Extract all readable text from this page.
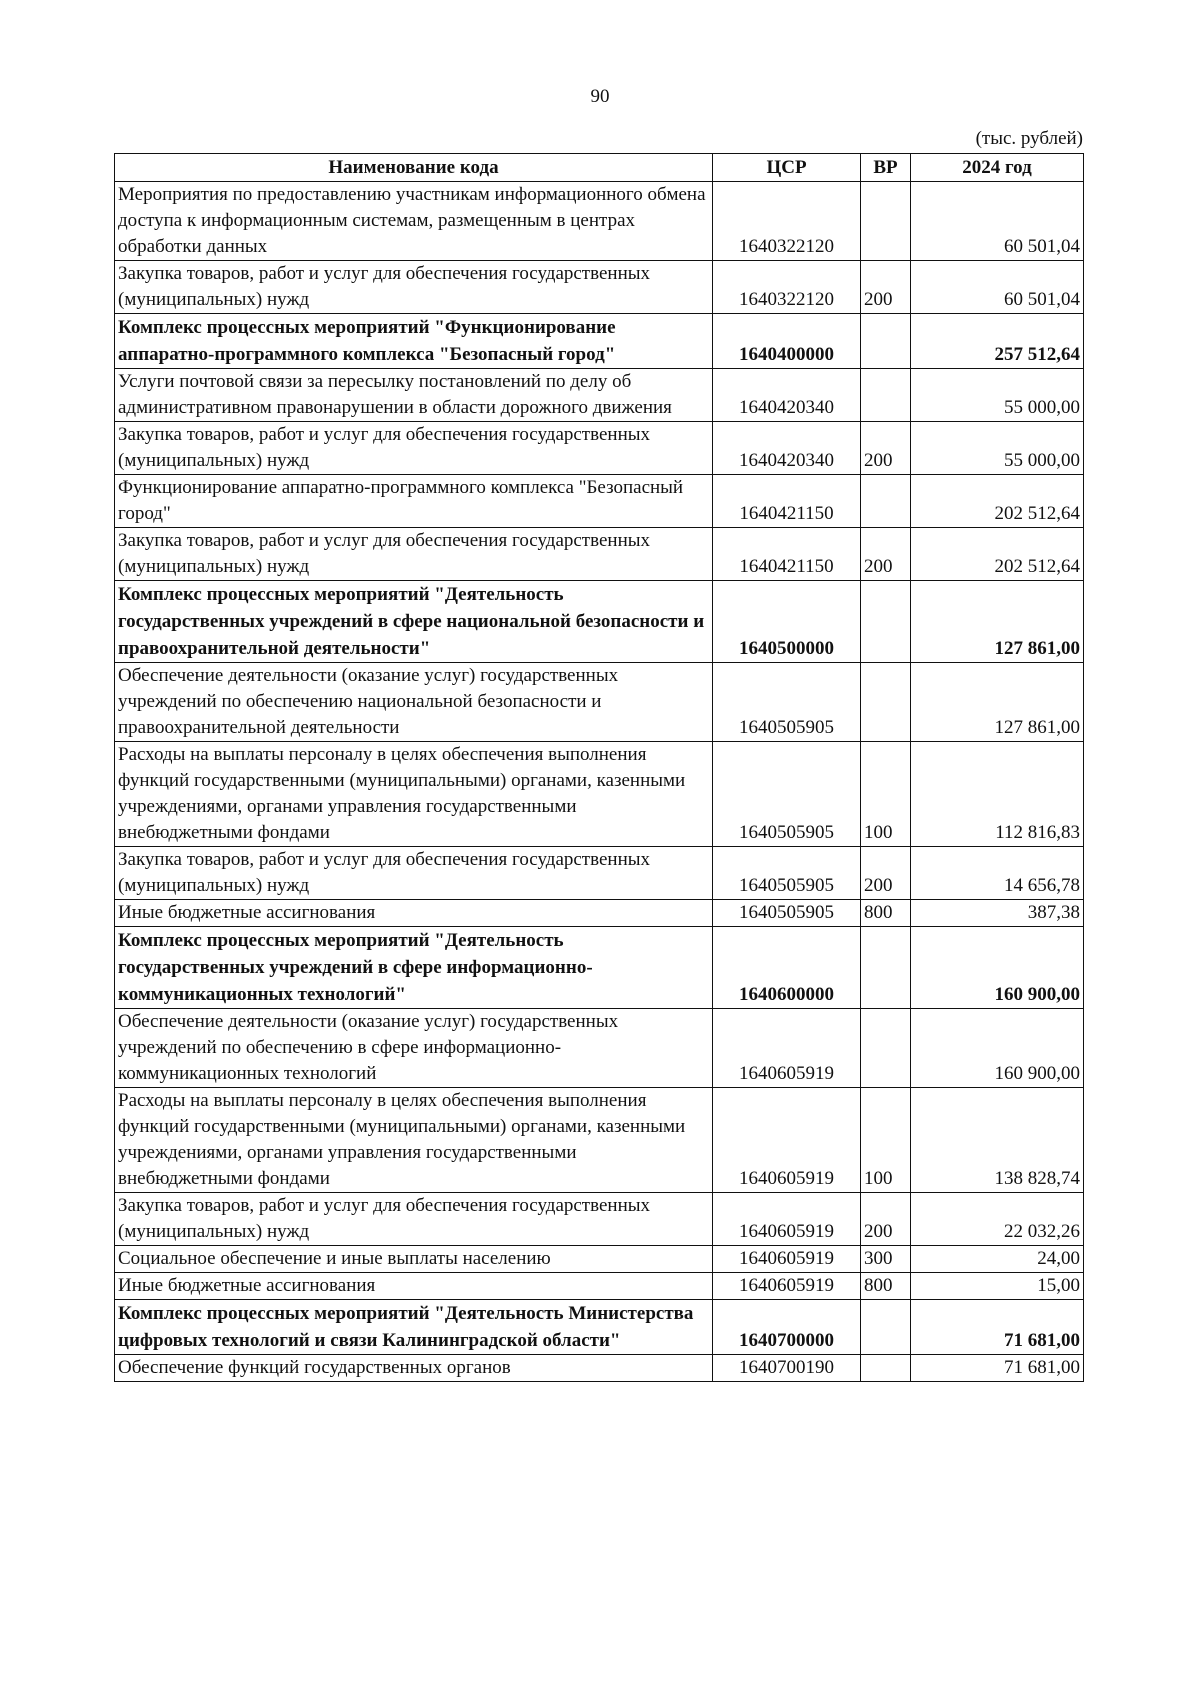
90
(тыс. рублей)
Наименование кода	ЦСР	ВР	2024 год
Мероприятия по предоставлению участникам информационного обмена доступа к информационным системам, размещенным в центрах обработки данных	1640322120		60 501,04
Закупка товаров, работ и услуг для обеспечения государственных (муниципальных) нужд	1640322120	200	60 501,04
Комплекс процессных мероприятий "Функционирование аппаратно-программного комплекса "Безопасный город"	1640400000		257 512,64
Услуги почтовой связи за пересылку постановлений по делу об административном правонарушении в области дорожного движения	1640420340		55 000,00
Закупка товаров, работ и услуг для обеспечения государственных (муниципальных) нужд	1640420340	200	55 000,00
Функционирование аппаратно-программного комплекса "Безопасный город"	1640421150		202 512,64
Закупка товаров, работ и услуг для обеспечения государственных (муниципальных) нужд	1640421150	200	202 512,64
Комплекс процессных мероприятий "Деятельность государственных учреждений в сфере национальной безопасности и правоохранительной деятельности"	1640500000		127 861,00
Обеспечение деятельности (оказание услуг) государственных учреждений по обеспечению национальной безопасности и правоохранительной деятельности	1640505905		127 861,00
Расходы на выплаты персоналу в целях обеспечения выполнения функций государственными (муниципальными) органами, казенными учреждениями, органами управления государственными внебюджетными фондами	1640505905	100	112 816,83
Закупка товаров, работ и услуг для обеспечения государственных (муниципальных) нужд	1640505905	200	14 656,78
Иные бюджетные ассигнования	1640505905	800	387,38
Комплекс процессных мероприятий "Деятельность государственных учреждений в сфере информационно-коммуникационных технологий"	1640600000		160 900,00
Обеспечение деятельности (оказание услуг) государственных учреждений по обеспечению в сфере информационно-коммуникационных технологий	1640605919		160 900,00
Расходы на выплаты персоналу в целях обеспечения выполнения функций государственными (муниципальными) органами, казенными учреждениями, органами управления государственными внебюджетными фондами	1640605919	100	138 828,74
Закупка товаров, работ и услуг для обеспечения государственных (муниципальных) нужд	1640605919	200	22 032,26
Социальное обеспечение и иные выплаты населению	1640605919	300	24,00
Иные бюджетные ассигнования	1640605919	800	15,00
Комплекс процессных мероприятий "Деятельность Министерства цифровых технологий и связи Калининградской области"	1640700000		71 681,00
Обеспечение функций государственных органов	1640700190		71 681,00
